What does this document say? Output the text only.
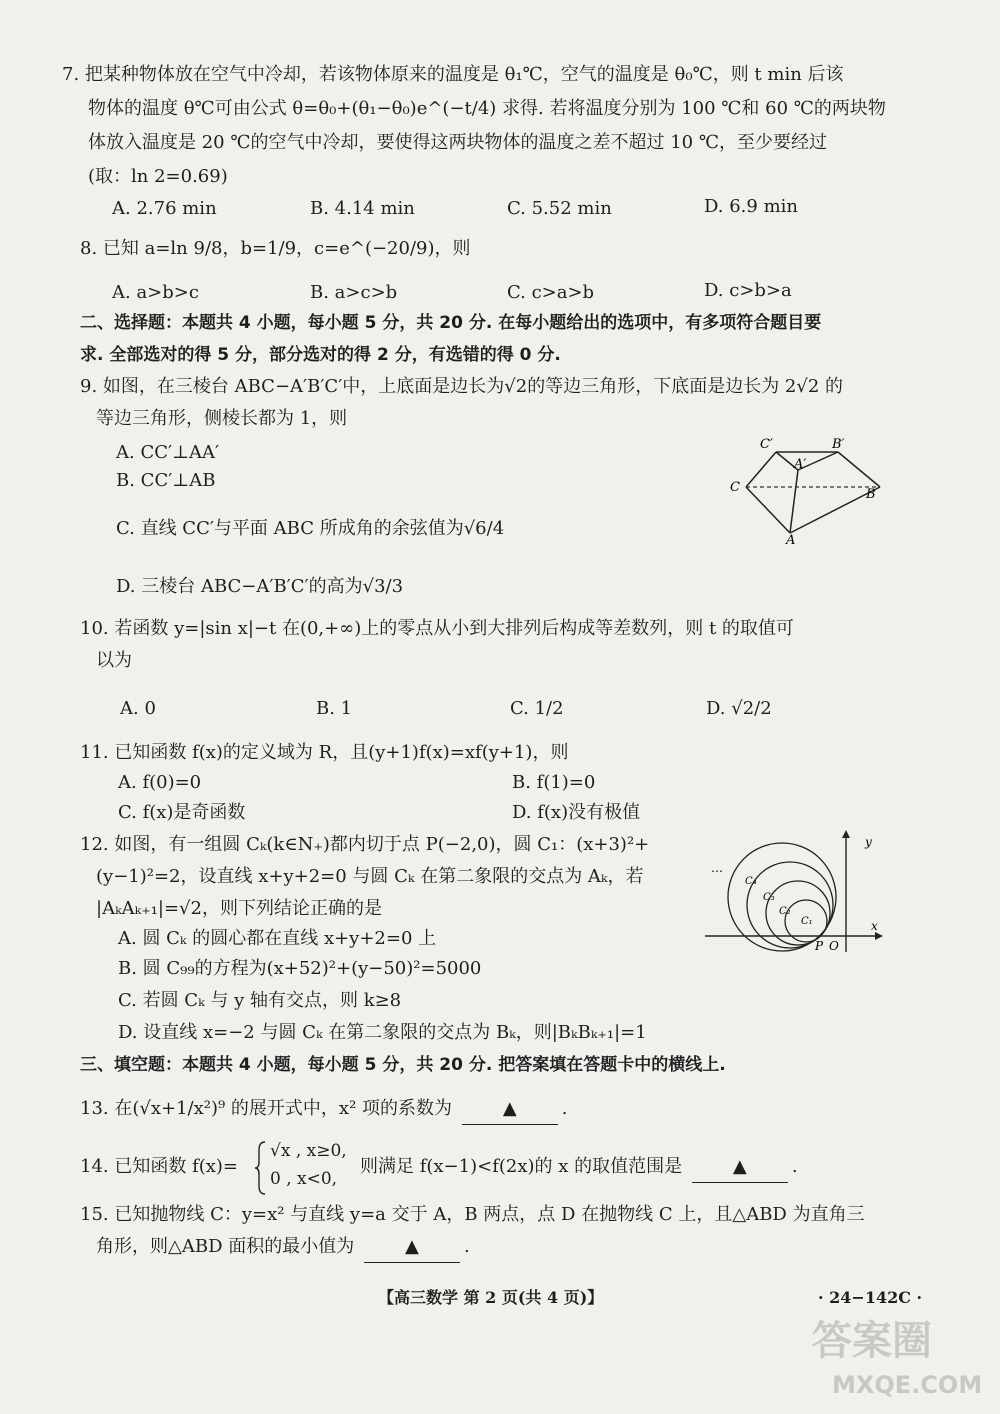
7. 把某种物体放在空气中冷却，若该物体原来的温度是 θ₁℃，空气的温度是 θ₀℃，则 t min 后该
物体的温度 θ℃可由公式 θ=θ₀+(θ₁−θ₀)e^(−t/4) 求得. 若将温度分别为 100 ℃和 60 ℃的两块物
体放入温度是 20 ℃的空气中冷却，要使得这两块物体的温度之差不超过 10 ℃，至少要经过
(取：ln 2=0.69)
A. 2.76 min	B. 4.14 min	C. 5.52 min	D. 6.9 min
8. 已知 a=ln 9/8，b=1/9，c=e^(−20/9)，则
A. a>b>c	B. a>c>b	C. c>a>b	D. c>b>a
二、选择题：本题共 4 小题，每小题 5 分，共 20 分. 在每小题给出的选项中，有多项符合题目要
求. 全部选对的得 5 分，部分选对的得 2 分，有选错的得 0 分.
9. 如图，在三棱台 ABC−A′B′C′中，上底面是边长为√2的等边三角形，下底面是边长为 2√2 的
等边三角形，侧棱长都为 1，则
A. CC′⊥AA′
B. CC′⊥AB
C. 直线 CC′与平面 ABC 所成角的余弦值为√6/4
D. 三棱台 ABC−A′B′C′的高为√3/3
C′	B′
A′
C	B
A
10. 若函数 y=|sin x|−t 在(0,+∞)上的零点从小到大排列后构成等差数列，则 t 的取值可
以为
A. 0	B. 1	C. 1/2	D. √2/2
11. 已知函数 f(x)的定义域为 R，且(y+1)f(x)=xf(y+1)，则
A. f(0)=0	B. f(1)=0
C. f(x)是奇函数	D. f(x)没有极值
12. 如图，有一组圆 Cₖ(k∈N₊)都内切于点 P(−2,0)，圆 C₁：(x+3)²+
(y−1)²=2，设直线 x+y+2=0 与圆 Cₖ 在第二象限的交点为 Aₖ，若
|AₖAₖ₊₁|=√2，则下列结论正确的是
A. 圆 Cₖ 的圆心都在直线 x+y+2=0 上
B. 圆 C₉₉的方程为(x+52)²+(y−50)²=5000
C. 若圆 Cₖ 与 y 轴有交点，则 k≥8
D. 设直线 x=−2 与圆 Cₖ 在第二象限的交点为 Bₖ，则|BₖBₖ₊₁|=1
y
x
P O
C₁
C₂
C₃
C₄
…
三、填空题：本题共 4 小题，每小题 5 分，共 20 分. 把答案填在答题卡中的横线上.
13. 在(√x+1/x²)⁹ 的展开式中，x² 项的系数为	▲	.
14. 已知函数 f(x)=
√x , x≥0,
0 , x<0,
则满足 f(x−1)<f(2x)的 x 的取值范围是	▲	.
15. 已知抛物线 C：y=x² 与直线 y=a 交于 A，B 两点，点 D 在抛物线 C 上，且△ABD 为直角三
角形，则△ABD 面积的最小值为	▲	.
【高三数学 第 2 页(共 4 页)】	· 24−142C ·
答案圈
MXQE.COM
